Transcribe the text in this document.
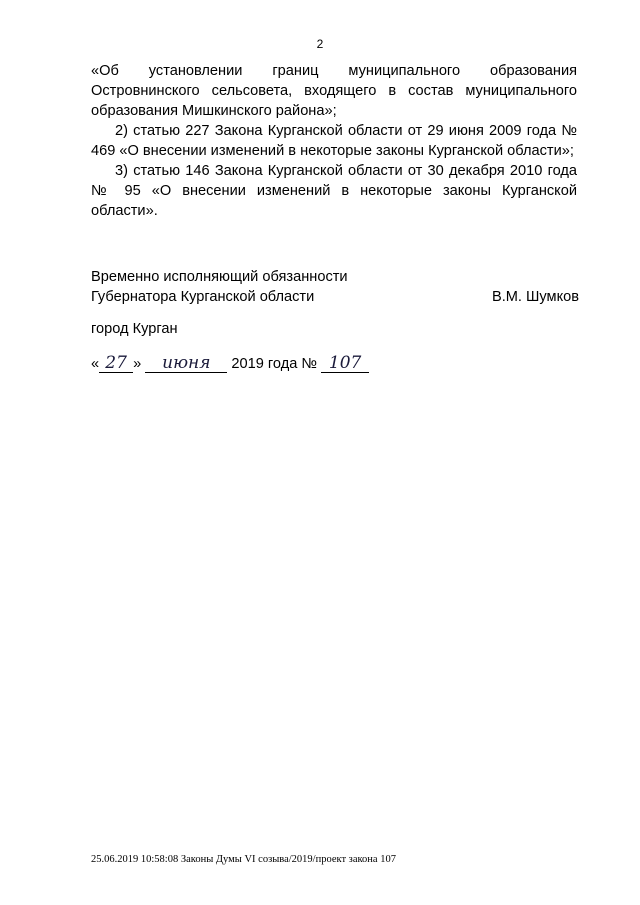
2

«Об установлении границ муниципального образования Островнинского сельсовета, входящего в состав муниципального образования Мишкинского района»;

2) статью 227 Закона Курганской области от 29 июня 2009 года № 469 «О внесении изменений в некоторые законы Курганской области»;

3) статью 146 Закона Курганской области от 30 декабря 2010 года № 95 «О внесении изменений в некоторые законы Курганской области».

Временно исполняющий обязанности
Губернатора Курганской области	В.М. Шумков
город Курган
« 27 » июня 2019 года № 107
25.06.2019 10:58:08 Законы Думы VI созыва/2019/проект закона 107
